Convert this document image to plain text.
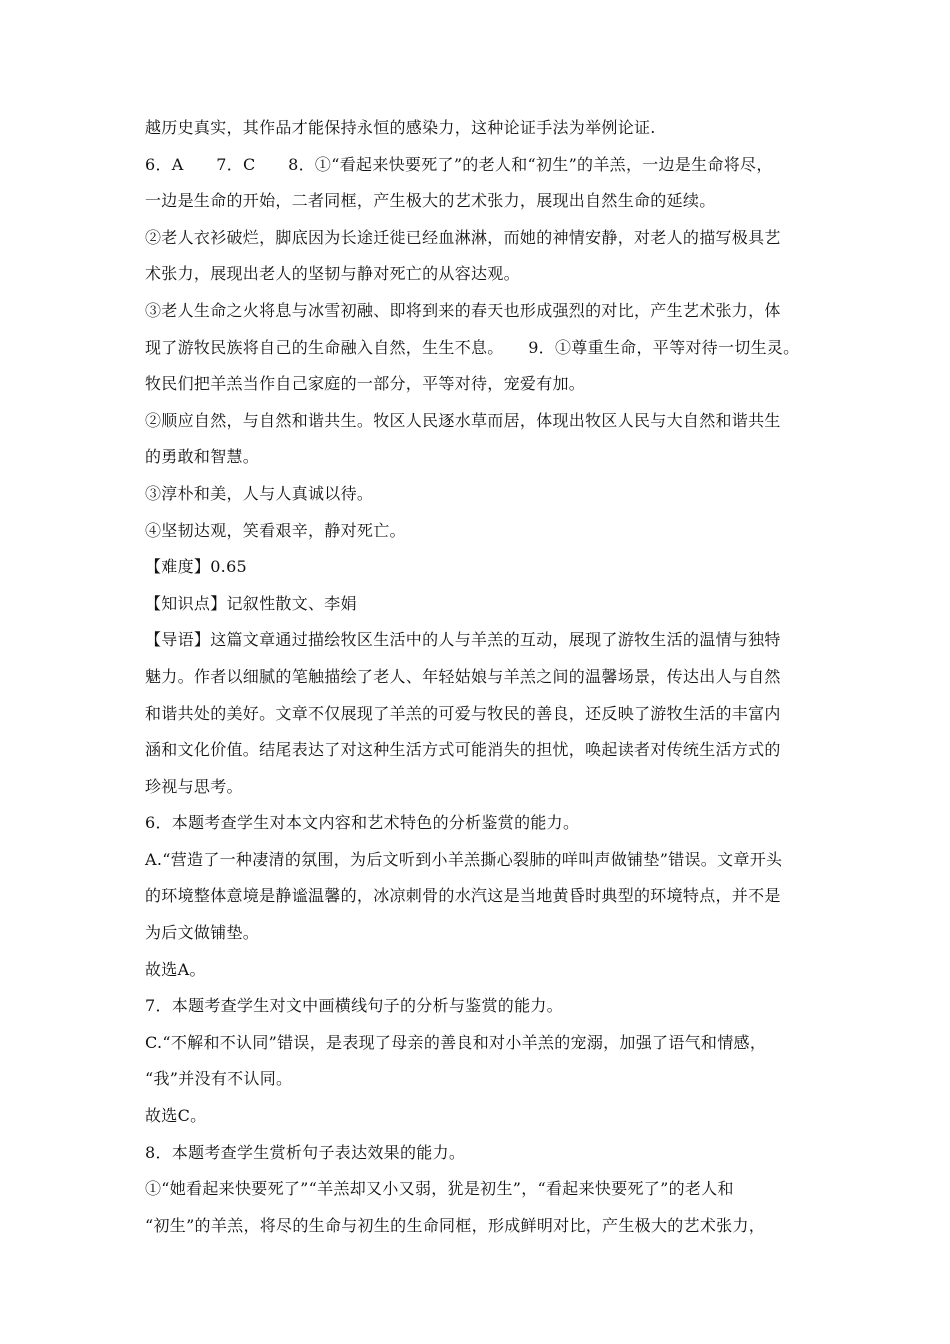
越历史真实，其作品才能保持永恒的感染力，这种论证手法为举例论证.
6．A　　7．C　　8．①“看起来快要死了”的老人和“初生”的羊羔，一边是生命将尽，
一边是生命的开始，二者同框，产生极大的艺术张力，展现出自然生命的延续。
②老人衣衫破烂，脚底因为长途迁徙已经血淋淋，而她的神情安静，对老人的描写极具艺
术张力，展现出老人的坚韧与静对死亡的从容达观。
③老人生命之火将息与冰雪初融、即将到来的春天也形成强烈的对比，产生艺术张力，体
现了游牧民族将自己的生命融入自然，生生不息。　　9．①尊重生命，平等对待一切生灵。
牧民们把羊羔当作自己家庭的一部分，平等对待，宠爱有加。
②顺应自然，与自然和谐共生。牧区人民逐水草而居，体现出牧区人民与大自然和谐共生
的勇敢和智慧。
③淳朴和美，人与人真诚以待。
④坚韧达观，笑看艰辛，静对死亡。
【难度】0.65
【知识点】记叙性散文、李娟
【导语】这篇文章通过描绘牧区生活中的人与羊羔的互动，展现了游牧生活的温情与独特
魅力。作者以细腻的笔触描绘了老人、年轻姑娘与羊羔之间的温馨场景，传达出人与自然
和谐共处的美好。文章不仅展现了羊羔的可爱与牧民的善良，还反映了游牧生活的丰富内
涵和文化价值。结尾表达了对这种生活方式可能消失的担忧，唤起读者对传统生活方式的
珍视与思考。
6．本题考查学生对本文内容和艺术特色的分析鉴赏的能力。
A.“营造了一种凄清的氛围，为后文听到小羊羔撕心裂肺的咩叫声做铺垫”错误。文章开头
的环境整体意境是静谧温馨的，冰凉刺骨的水汽这是当地黄昏时典型的环境特点，并不是
为后文做铺垫。
故选A。
7．本题考查学生对文中画横线句子的分析与鉴赏的能力。
C.“不解和不认同”错误，是表现了母亲的善良和对小羊羔的宠溺，加强了语气和情感，
“我”并没有不认同。
故选C。
8．本题考查学生赏析句子表达效果的能力。
①“她看起来快要死了”“羊羔却又小又弱，犹是初生”，“看起来快要死了”的老人和
“初生”的羊羔，将尽的生命与初生的生命同框，形成鲜明对比，产生极大的艺术张力，
